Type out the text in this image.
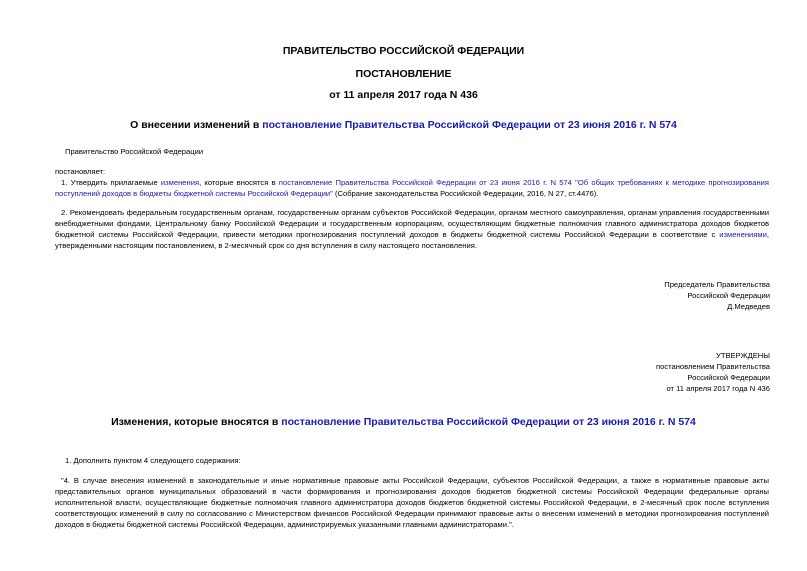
ПРАВИТЕЛЬСТВО РОССИЙСКОЙ ФЕДЕРАЦИИ
ПОСТАНОВЛЕНИЕ
от 11 апреля 2017 года N 436
О внесении изменений в постановление Правительства Российской Федерации от 23 июня 2016 г. N 574
Правительство Российской Федерации
постановляет:
1. Утвердить прилагаемые изменения, которые вносятся в постановление Правительства Российской Федерации от 23 июня 2016 г. N 574 "Об общих требованиях к методике прогнозирования поступлений доходов в бюджеты бюджетной системы Российской Федерации" (Собрание законодательства Российской Федерации, 2016, N 27, ст.4476).
2. Рекомендовать федеральным государственным органам, государственным органам субъектов Российской Федерации, органам местного самоуправления, органам управления государственными внебюджетными фондами, Центральному банку Российской Федерации и государственным корпорациям, осуществляющим бюджетные полномочия главного администратора доходов бюджетов бюджетной системы Российской Федерации, привести методики прогнозирования поступлений доходов в бюджеты бюджетной системы Российской Федерации в соответствие с изменениями, утвержденными настоящим постановлением, в 2-месячный срок со дня вступления в силу настоящего постановления.
Председатель Правительства
Российской Федерации
Д.Медведев
УТВЕРЖДЕНЫ
постановлением Правительства
Российской Федерации
от 11 апреля 2017 года N 436
Изменения, которые вносятся в постановление Правительства Российской Федерации от 23 июня 2016 г. N 574
1. Дополнить пунктом 4 следующего содержания:
"4. В случае внесения изменений в законодательные и иные нормативные правовые акты Российской Федерации, субъектов Российской Федерации, а также в нормативные правовые акты представительных органов муниципальных образований в части формирования и прогнозирования доходов бюджетов бюджетной системы Российской Федерации федеральные органы исполнительной власти, осуществляющие бюджетные полномочия главного администратора доходов бюджетов бюджетной системы Российской Федерации, в 2-месячный срок после вступления соответствующих изменений в силу по согласованию с Министерством финансов Российской Федерации принимают правовые акты о внесении изменений в методики прогнозирования поступлений доходов в бюджеты бюджетной системы Российской Федерации, администрируемых указанными главными администраторами.".
